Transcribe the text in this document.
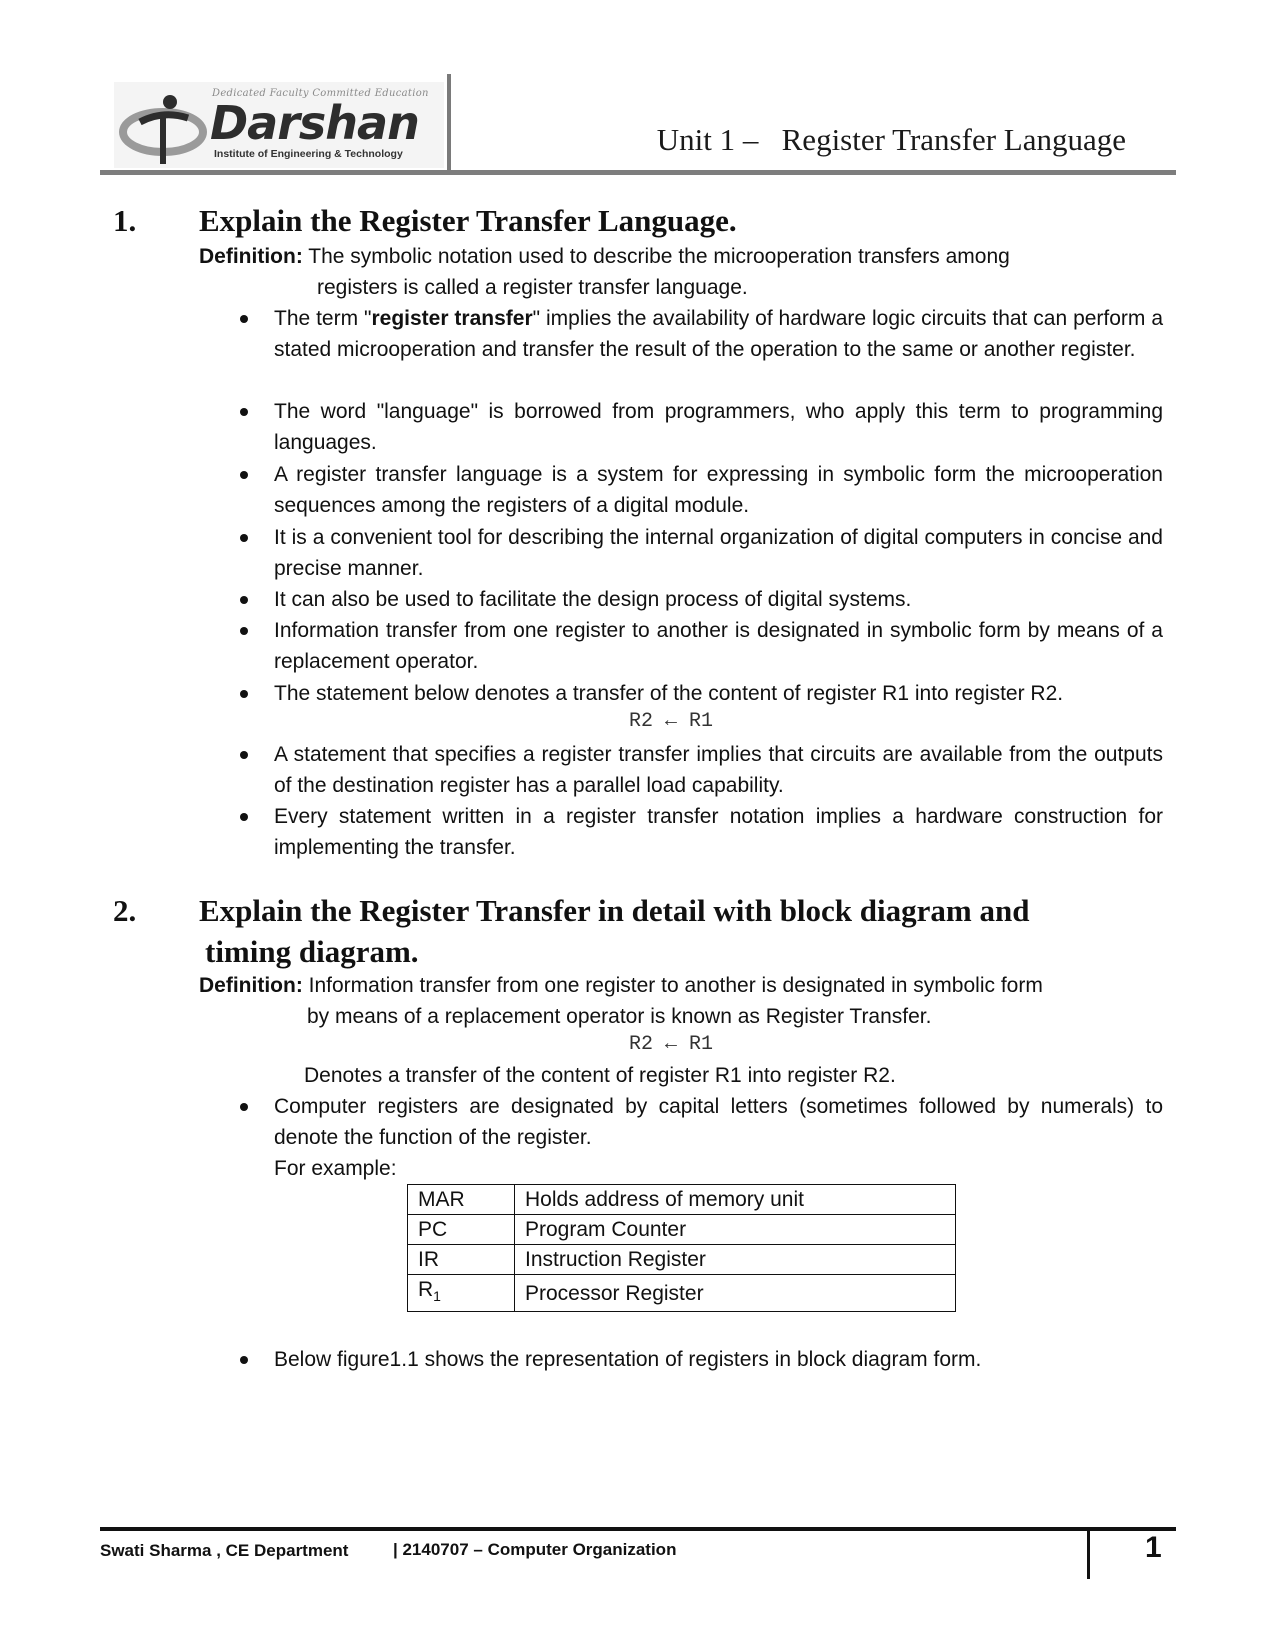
Dedicated Faculty Committed Education
Darshan
Institute of Engineering & Technology	Unit 1 –   Register Transfer Language
1. Explain the Register Transfer Language.
Definition: The symbolic notation used to describe the microoperation transfers among
registers is called a register transfer language.
The term "register transfer" implies the availability of hardware logic circuits that can perform a stated microoperation and transfer the result of the operation to the same or another register.
The word "language" is borrowed from programmers, who apply this term to programming languages.
A register transfer language is a system for expressing in symbolic form the microoperation sequences among the registers of a digital module.
It is a convenient tool for describing the internal organization of digital computers in concise and precise manner.
It can also be used to facilitate the design process of digital systems.
Information transfer from one register to another is designated in symbolic form by means of a replacement operator.
The statement below denotes a transfer of the content of register R1 into register R2.
R2 ← R1
A statement that specifies a register transfer implies that circuits are available from the outputs of the destination register has a parallel load capability.
Every statement written in a register transfer notation implies a hardware construction for implementing the transfer.
2. Explain the Register Transfer in detail with block diagram and
timing diagram.
Definition: Information transfer from one register to another is designated in symbolic form
by means of a replacement operator is known as Register Transfer.
R2 ← R1
Denotes a transfer of the content of register R1 into register R2.
Computer registers are designated by capital letters (sometimes followed by numerals) to denote the function of the register.
For example:
MAR	Holds address of memory unit
PC	Program Counter
IR	Instruction Register
$R_1$	Processor Register
Below figure1.1 shows the representation of registers in block diagram form.
Swati Sharma , CE Department	| 2140707 – Computer Organization	1
